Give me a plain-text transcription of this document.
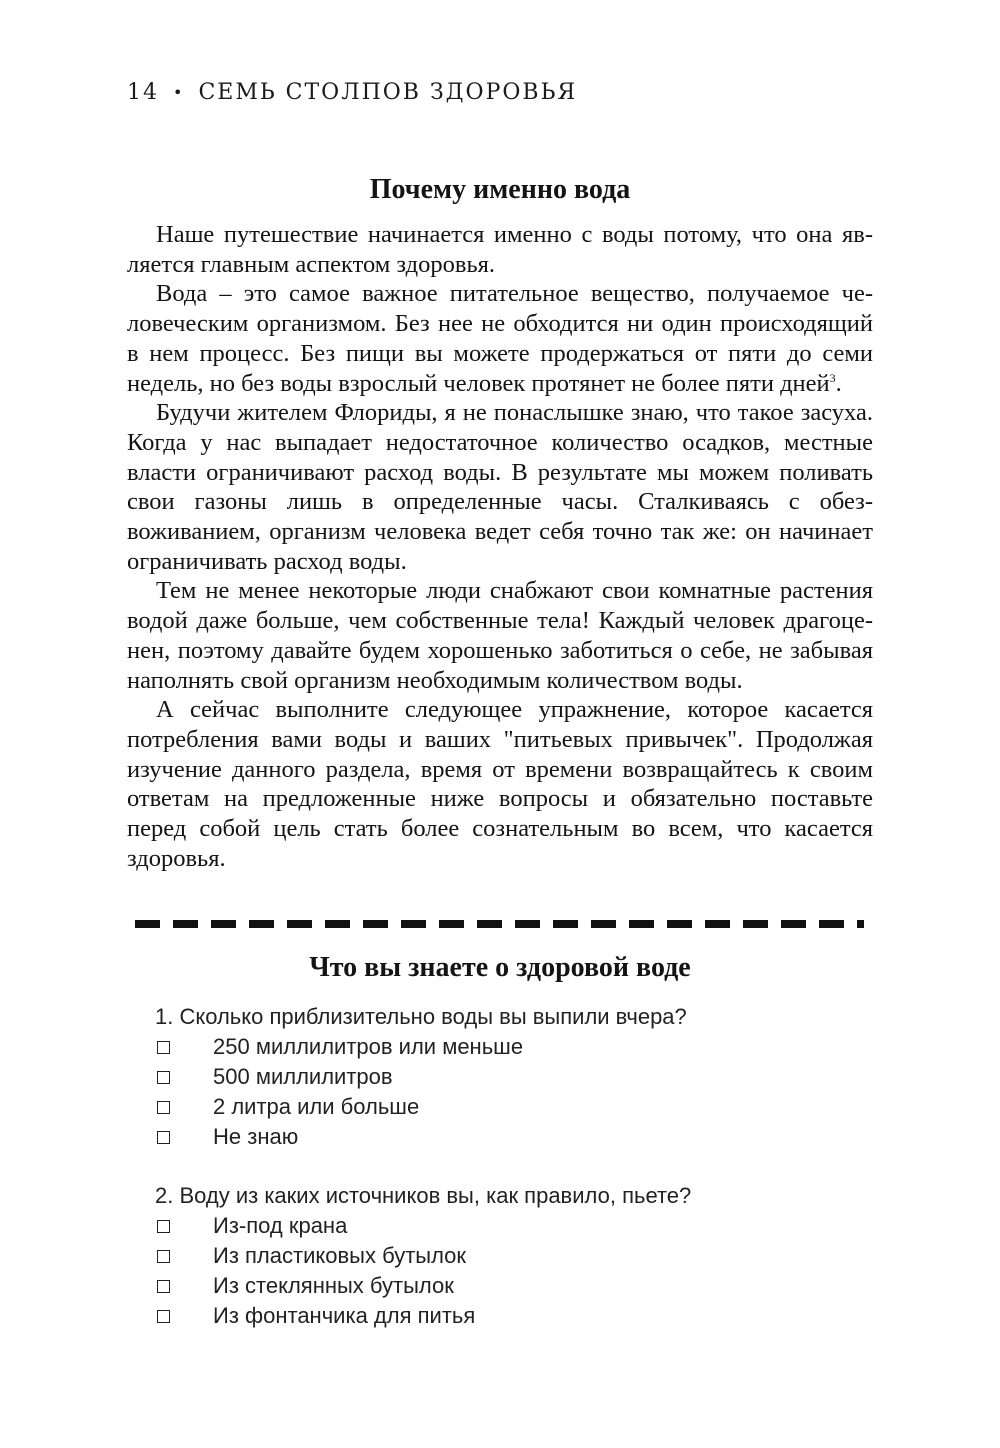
14 • СЕМЬ СТОЛПОВ ЗДОРОВЬЯ
Почему именно вода

Наше путешествие начинается именно с воды потому, что она является главным аспектом здоровья.

Вода – это самое важное питательное вещество, получаемое человеческим организмом. Без нее не обходится ни один происходящий в нем процесс. Без пищи вы можете продержаться от пяти до семи недель, но без воды взрослый человек протянет не более пяти дней$^3$.

Будучи жителем Флориды, я не понаслышке знаю, что такое засуха. Когда у нас выпадает недостаточное количество осадков, местные власти ограничивают расход воды. В результате мы можем поливать свои газоны лишь в определенные часы. Сталкиваясь с обезвоживанием, организм человека ведет себя точно так же: он начинает ограничивать расход воды.

Тем не менее некоторые люди снабжают свои комнатные растения водой даже больше, чем собственные тела! Каждый человек драгоценен, поэтому давайте будем хорошенько заботиться о себе, не забывая наполнять свой организм необходимым количеством воды.

А сейчас выполните следующее упражнение, которое касается потребления вами воды и ваших "питьевых привычек". Продолжая изучение данного раздела, время от времени возвращайтесь к своим ответам на предложенные ниже вопросы и обязательно поставьте перед собой цель стать более сознательным во всем, что касается здоровья.

Что вы знаете о здоровой воде

1. Сколько приблизительно воды вы выпили вчера?

250 миллилитров или меньше
500 миллилитров
2 литра или больше
Не знаю

2. Воду из каких источников вы, как правило, пьете?

Из-под крана
Из пластиковых бутылок
Из стеклянных бутылок
Из фонтанчика для питья
